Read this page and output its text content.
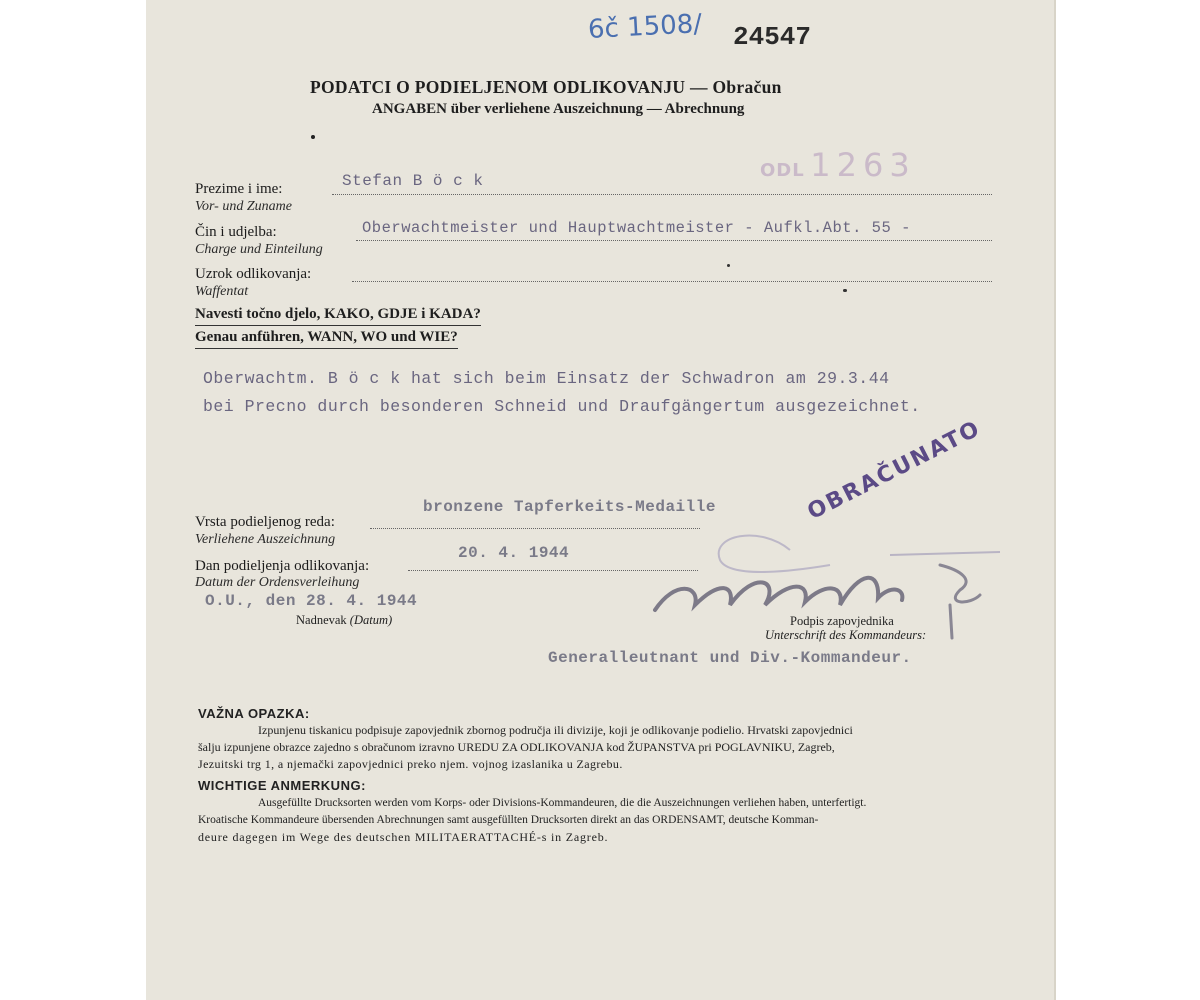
6č 1508/ 24547
PODATCI O PODIELJENOM ODLIKOVANJU — Obračun
ANGABEN über verliehene Auszeichnung — Abrechnung
ODL 1263
Prezime i ime:
Vor- und Zuname
Stefan B ö c k
Čin i udjelba:
Charge und Einteilung
Oberwachtmeister und Hauptwachtmeister - Aufkl.Abt. 55 -
Uzrok odlikovanja:
Waffentat
Navesti točno djelo, KAKO, GDJE i KADA?
Genau anführen, WANN, WO und WIE?
Oberwachtm. B ö c k hat sich beim Einsatz der Schwadron am 29.3.44
bei Precno durch besonderen Schneid und Draufgängertum ausgezeichnet.
bronzene Tapferkeits-Medaille
Vrsta podieljenog reda:
Verliehene Auszeichnung
20. 4. 1944
Dan podieljenja odlikovanja:
Datum der Ordensverleihung
O.U., den 28. 4. 1944
Nadnevak (Datum)
OBRAČUNATO
Podpis zapovjednika
Unterschrift des Kommandeurs:
Generalleutnant und Div.-Kommandeur.
VAŽNA OPAZKA:
Izpunjenu tiskanicu podpisuje zapovjednik zbornog područja ili divizije, koji je odlikovanje podielio. Hrvatski zapovjednici
šalju izpunjene obrazce zajedno s obračunom izravno UREDU ZA ODLIKOVANJA kod ŽUPANSTVA pri POGLAVNIKU, Zagreb,
Jezuitski trg 1, a njemački zapovjednici preko njem. vojnog izaslanika u Zagrebu.
WICHTIGE ANMERKUNG:
Ausgefüllte Drucksorten werden vom Korps- oder Divisions-Kommandeuren, die die Auszeichnungen verliehen haben, unterfertigt.
Kroatische Kommandeure übersenden Abrechnungen samt ausgefüllten Drucksorten direkt an das ORDENSAMT, deutsche Komman-
deure dagegen im Wege des deutschen MILITAERATTACHÉ-s in Zagreb.
